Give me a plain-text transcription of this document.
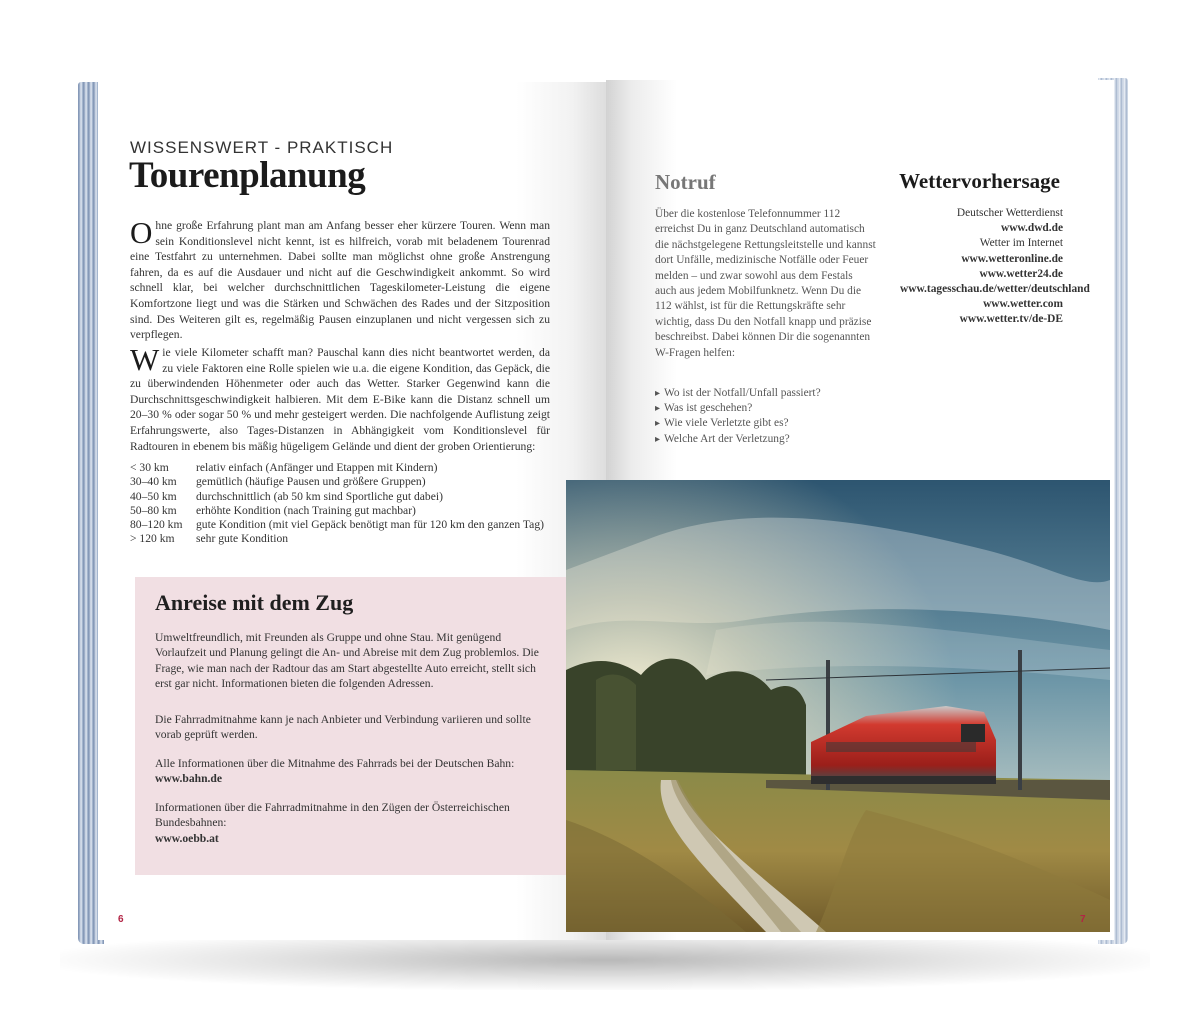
WISSENSWERT - PRAKTISCH
Tourenplanung

Ohne große Erfahrung plant man am Anfang besser eher kürzere Touren. Wenn man sein Konditionslevel nicht kennt, ist es hilfreich, vorab mit beladenem Tourenrad eine Testfahrt zu unternehmen. Dabei sollte man möglichst ohne große Anstrengung fahren, da es auf die Ausdauer und nicht auf die Geschwindigkeit ankommt. So wird schnell klar, bei welcher durchschnittlichen Tageskilometer-Leistung die eigene Komfortzone liegt und was die Stärken und Schwächen des Rades und der Sitzposition sind. Des Weiteren gilt es, regelmäßig Pausen einzuplanen und nicht vergessen sich zu verpflegen.

Wie viele Kilometer schafft man? Pauschal kann dies nicht beantwortet werden, da zu viele Faktoren eine Rolle spielen wie u.a. die eigene Kondition, das Gepäck, die zu überwindenden Höhenmeter oder auch das Wetter. Starker Gegenwind kann die Durchschnittsgeschwindigkeit halbieren. Mit dem E-Bike kann die Distanz schnell um 20–30 % oder sogar 50 % und mehr gesteigert werden. Die nachfolgende Auflistung zeigt Erfahrungswerte, also Tages-Distanzen in Abhängigkeit vom Konditionslevel für Radtouren in ebenem bis mäßig hügeligem Gelände und dient der groben Orientierung:

< 30 km	relativ einfach (Anfänger und Etappen mit Kindern)
30–40 km	gemütlich (häufige Pausen und größere Gruppen)
40–50 km	durchschnittlich (ab 50 km sind Sportliche gut dabei)
50–80 km	erhöhte Kondition (nach Training gut machbar)
80–120 km	gute Kondition (mit viel Gepäck benötigt man für 120 km den ganzen Tag)
> 120 km	sehr gute Kondition
Anreise mit dem Zug

Umweltfreundlich, mit Freunden als Gruppe und ohne Stau. Mit genügend Vorlaufzeit und Planung gelingt die An- und Abreise mit dem Zug problemlos. Die Frage, wie man nach der Radtour das am Start abgestellte Auto erreicht, stellt sich erst gar nicht. Informationen bieten die folgenden Adressen.

Die Fahrradmitnahme kann je nach Anbieter und Verbindung variieren und sollte vorab geprüft werden.

Alle Informationen über die Mitnahme des Fahrrads bei der Deutschen Bahn:
www.bahn.de

Informationen über die Fahrradmitnahme in den Zügen der Österreichischen Bundesbahnen:
www.oebb.at

6
Notruf

Über die kostenlose Telefonnummer 112 erreichst Du in ganz Deutschland automatisch die nächstgelegene Rettungsleitstelle und kannst dort Unfälle, medizinische Notfälle oder Feuer melden – und zwar sowohl aus dem Festals auch aus jedem Mobilfunknetz. Wenn Du die 112 wählst, ist für die Rettungskräfte sehr wichtig, dass Du den Notfall knapp und präzise beschreibst. Dabei können Dir die sogenannten W-Fragen helfen:

▸ Wo ist der Notfall/Unfall passiert?
▸ Was ist geschehen?
▸ Wie viele Verletzte gibt es?
▸ Welche Art der Verletzung?
Wettervorhersage
Deutscher Wetterdienst
www.dwd.de
Wetter im Internet
www.wetteronline.de
www.wetter24.de
www.tagesschau.de/wetter/deutschland
www.wetter.com
www.wetter.tv/de-DE
7
